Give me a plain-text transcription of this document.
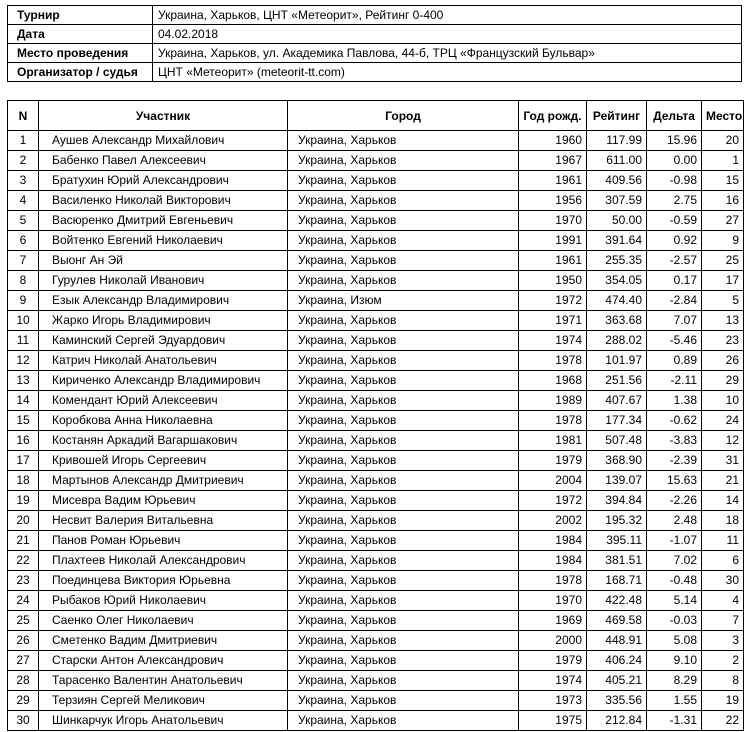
Турнир	Украина, Харьков, ЦНТ «Метеорит», Рейтинг 0-400
Дата	04.02.2018
Место проведения	Украина, Харьков, ул. Академика Павлова, 44-б, ТРЦ «Французский Бульвар»
Организатор / судья	ЦНТ «Метеорит» (meteorit-tt.com)
N	Участник	Город	Год рожд.	Рейтинг	Дельта	Место
1	Аушев Александр Михайлович	Украина, Харьков	1960	117.99	15.96	20
2	Бабенко Павел Алексеевич	Украина, Харьков	1967	611.00	0.00	1
3	Братухин Юрий Александрович	Украина, Харьков	1961	409.56	-0.98	15
4	Василенко Николай Викторович	Украина, Харьков	1956	307.59	2.75	16
5	Васюренко Дмитрий Евгеньевич	Украина, Харьков	1970	50.00	-0.59	27
6	Войтенко Евгений Николаевич	Украина, Харьков	1991	391.64	0.92	9
7	Выонг Ан Эй	Украина, Харьков	1961	255.35	-2.57	25
8	Гурулев Николай Иванович	Украина, Харьков	1950	354.05	0.17	17
9	Езык Александр Владимирович	Украина, Изюм	1972	474.40	-2.84	5
10	Жарко Игорь Владимирович	Украина, Харьков	1971	363.68	7.07	13
11	Каминский Сергей Эдуардович	Украина, Харьков	1974	288.02	-5.46	23
12	Катрич Николай Анатольевич	Украина, Харьков	1978	101.97	0.89	26
13	Кириченко Александр Владимирович	Украина, Харьков	1968	251.56	-2.11	29
14	Комендант Юрий Алексеевич	Украина, Харьков	1989	407.67	1.38	10
15	Коробкова Анна Николаевна	Украина, Харьков	1978	177.34	-0.62	24
16	Костанян Аркадий Вагаршакович	Украина, Харьков	1981	507.48	-3.83	12
17	Кривошей Игорь Сергеевич	Украина, Харьков	1979	368.90	-2.39	31
18	Мартынов Александр Дмитриевич	Украина, Харьков	2004	139.07	15.63	21
19	Мисевра Вадим Юрьевич	Украина, Харьков	1972	394.84	-2.26	14
20	Несвит Валерия Витальевна	Украина, Харьков	2002	195.32	2.48	18
21	Панов Роман Юрьевич	Украина, Харьков	1984	395.11	-1.07	11
22	Плахтеев Николай Александрович	Украина, Харьков	1984	381.51	7.02	6
23	Поединцева Виктория Юрьевна	Украина, Харьков	1978	168.71	-0.48	30
24	Рыбаков Юрий Николаевич	Украина, Харьков	1970	422.48	5.14	4
25	Саенко Олег Николаевич	Украина, Харьков	1969	469.58	-0.03	7
26	Сметенко Вадим Дмитриевич	Украина, Харьков	2000	448.91	5.08	3
27	Старски Антон Александрович	Украина, Харьков	1979	406.24	9.10	2
28	Тарасенко Валентин Анатольевич	Украина, Харьков	1974	405.21	8.29	8
29	Терзиян Сергей Меликович	Украина, Харьков	1973	335.56	1.55	19
30	Шинкарчук Игорь Анатольевич	Украина, Харьков	1975	212.84	-1.31	22
